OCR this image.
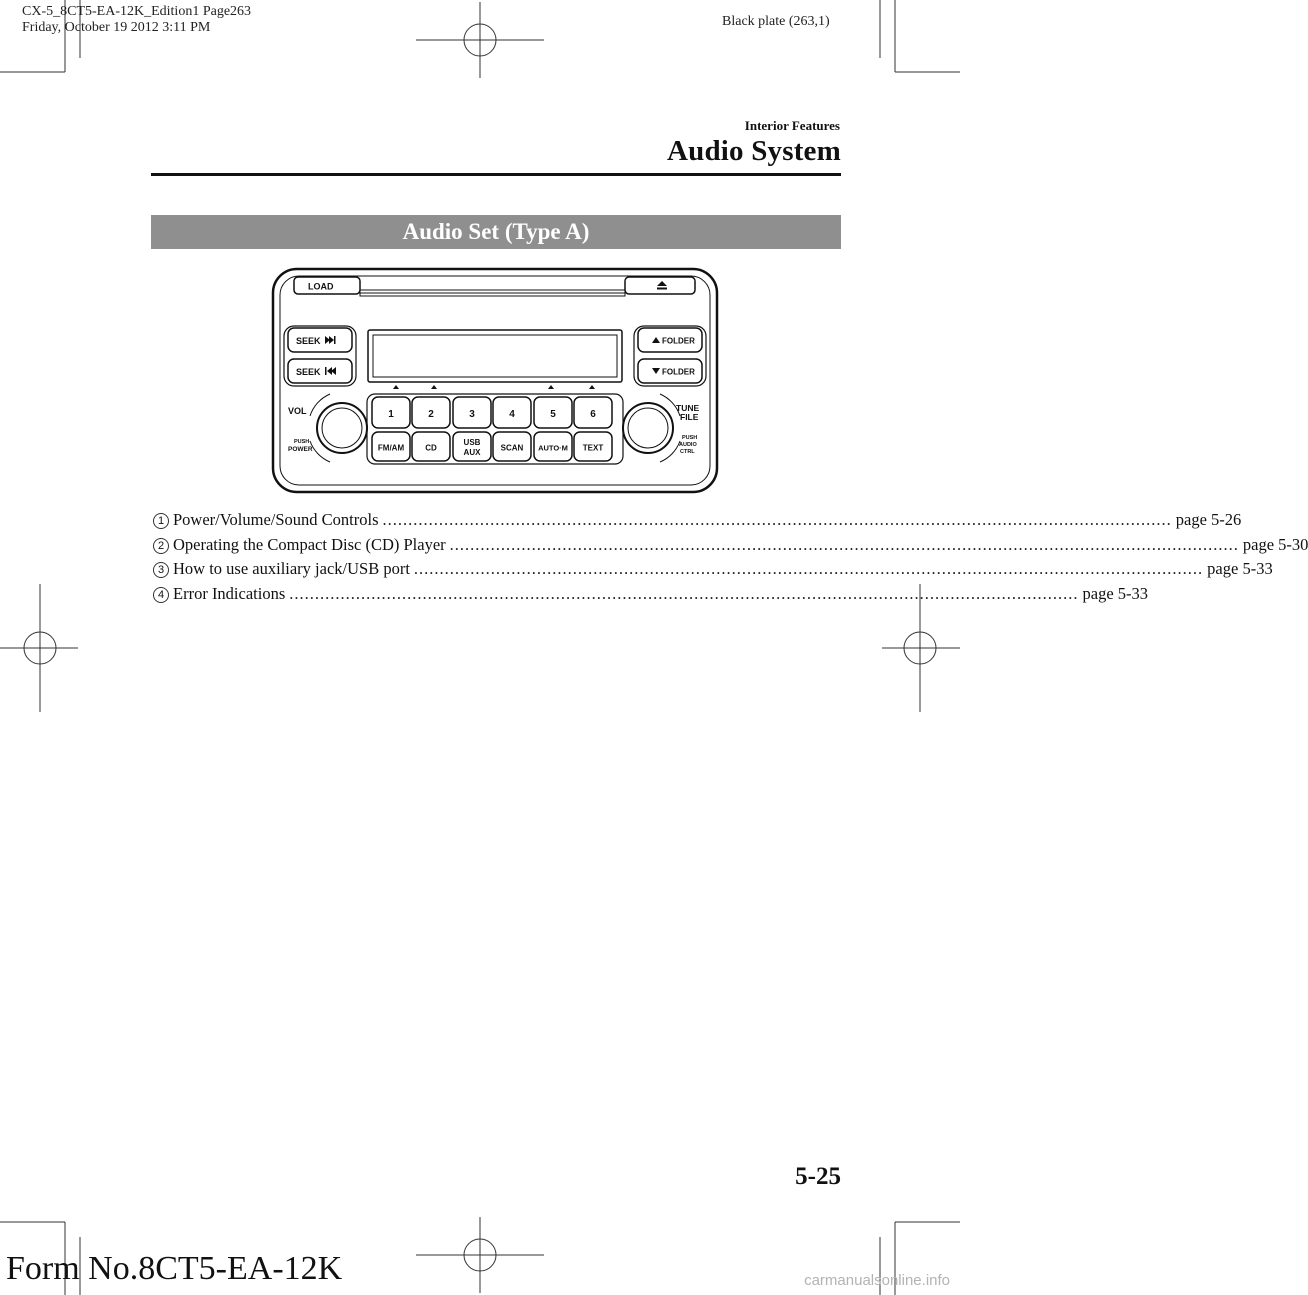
CX-5_8CT5-EA-12K_Edition1 Page263
Friday, October 19 2012 3:11 PM	Black plate (263,1)
Interior Features
Audio System
Audio Set (Type A)
LOAD
SEEK
SEEK
FOLDER
FOLDER
1	2	3	4	5	6
FM/AM	CD
USB
AUX	SCAN AUTO·M TEXT
VOL
PUSH
POWER
TUNE
FILE
PUSH
AUDIO
CTRL
1 Power/Volume/Sound Controls .......................................................................................................................................................... page 5-26
2 Operating the Compact Disc (CD) Player .......................................................................................................................................................... page 5-30
3 How to use auxiliary jack/USB port .......................................................................................................................................................... page 5-33
4 Error Indications .......................................................................................................................................................... page 5-33
5-25
Form No.8CT5-EA-12K	carmanualsonline.info
